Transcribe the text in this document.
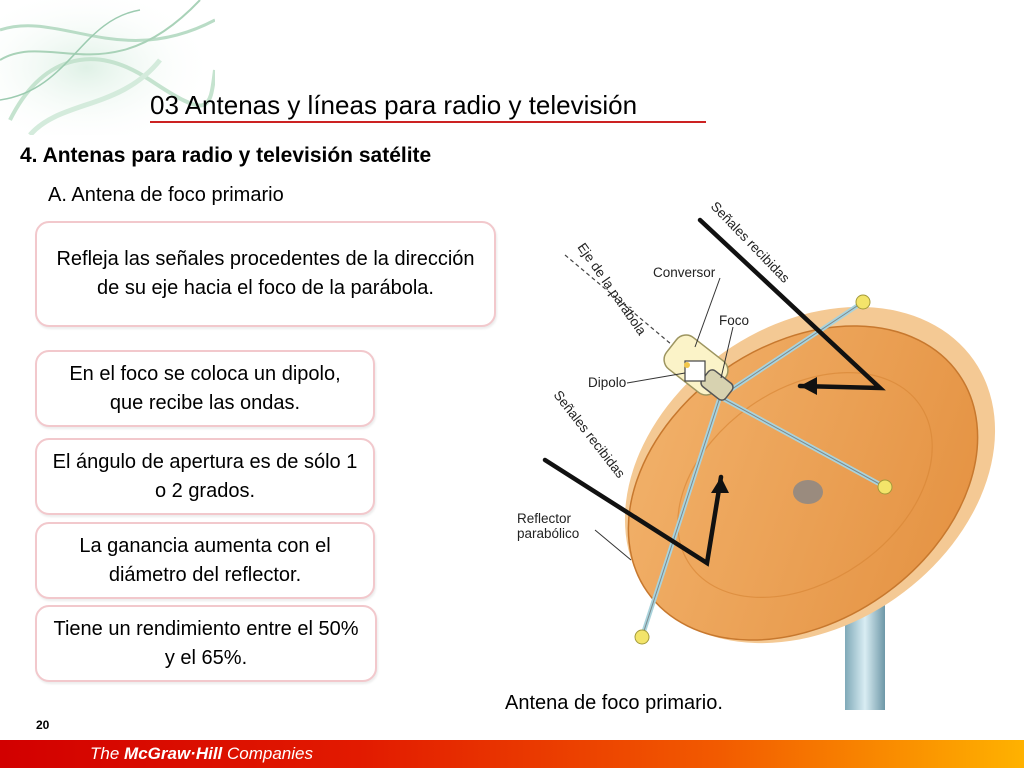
03 Antenas y líneas para radio y televisión
4. Antenas para radio y televisión satélite
A. Antena de foco primario
Refleja las señales procedentes de la dirección de su eje hacia el foco de la parábola.
En el foco se coloca un dipolo, que recibe las ondas.
El ángulo de apertura es de sólo 1 o 2 grados.
La ganancia aumenta con el diámetro del reflector.
Tiene un rendimiento entre el 50% y el 65%.
Señales recibidas
Eje de la parábola Conversor
Foco
Dipolo
Señales recibidas
Reflector
parabólico
Antena de foco primario.
20
The McGraw·Hill Companies
